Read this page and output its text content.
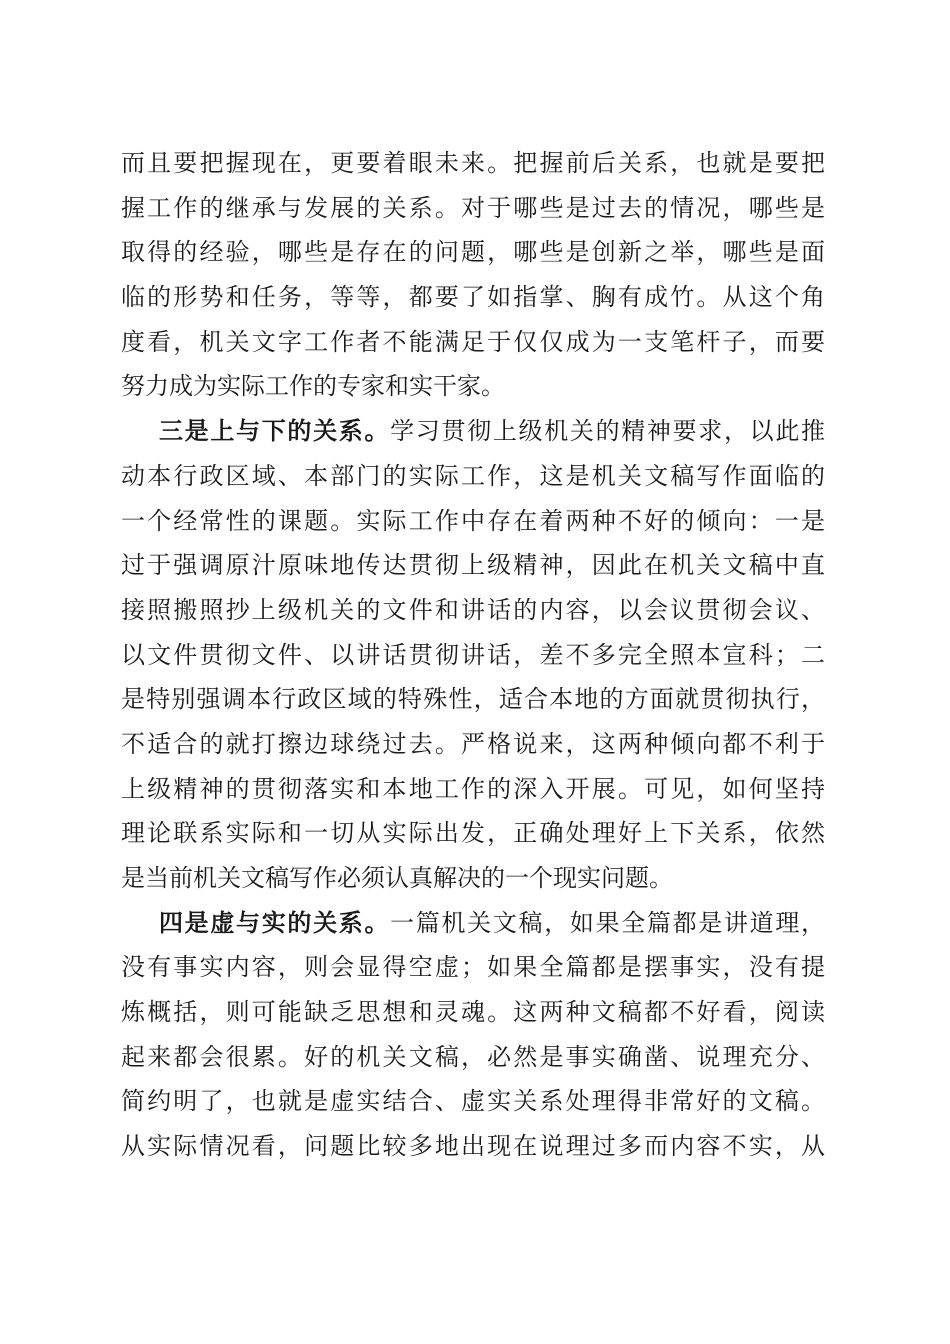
而且要把握现在，更要着眼未来。把握前后关系，也就是要把
握工作的继承与发展的关系。对于哪些是过去的情况，哪些是
取得的经验，哪些是存在的问题，哪些是创新之举，哪些是面
临的形势和任务，等等，都要了如指掌、胸有成竹。从这个角
度看，机关文字工作者不能满足于仅仅成为一支笔杆子，而要
努力成为实际工作的专家和实干家。
三是上与下的关系。学习贯彻上级机关的精神要求，以此推
动本行政区域、本部门的实际工作，这是机关文稿写作面临的
一个经常性的课题。实际工作中存在着两种不好的倾向：一是
过于强调原汁原味地传达贯彻上级精神，因此在机关文稿中直
接照搬照抄上级机关的文件和讲话的内容，以会议贯彻会议、
以文件贯彻文件、以讲话贯彻讲话，差不多完全照本宣科；二
是特别强调本行政区域的特殊性，适合本地的方面就贯彻执行，
不适合的就打擦边球绕过去。严格说来，这两种倾向都不利于
上级精神的贯彻落实和本地工作的深入开展。可见，如何坚持
理论联系实际和一切从实际出发，正确处理好上下关系，依然
是当前机关文稿写作必须认真解决的一个现实问题。
四是虚与实的关系。一篇机关文稿，如果全篇都是讲道理，
没有事实内容，则会显得空虚；如果全篇都是摆事实，没有提
炼概括，则可能缺乏思想和灵魂。这两种文稿都不好看，阅读
起来都会很累。好的机关文稿，必然是事实确凿、说理充分、
简约明了，也就是虚实结合、虚实关系处理得非常好的文稿。
从实际情况看，问题比较多地出现在说理过多而内容不实，从
